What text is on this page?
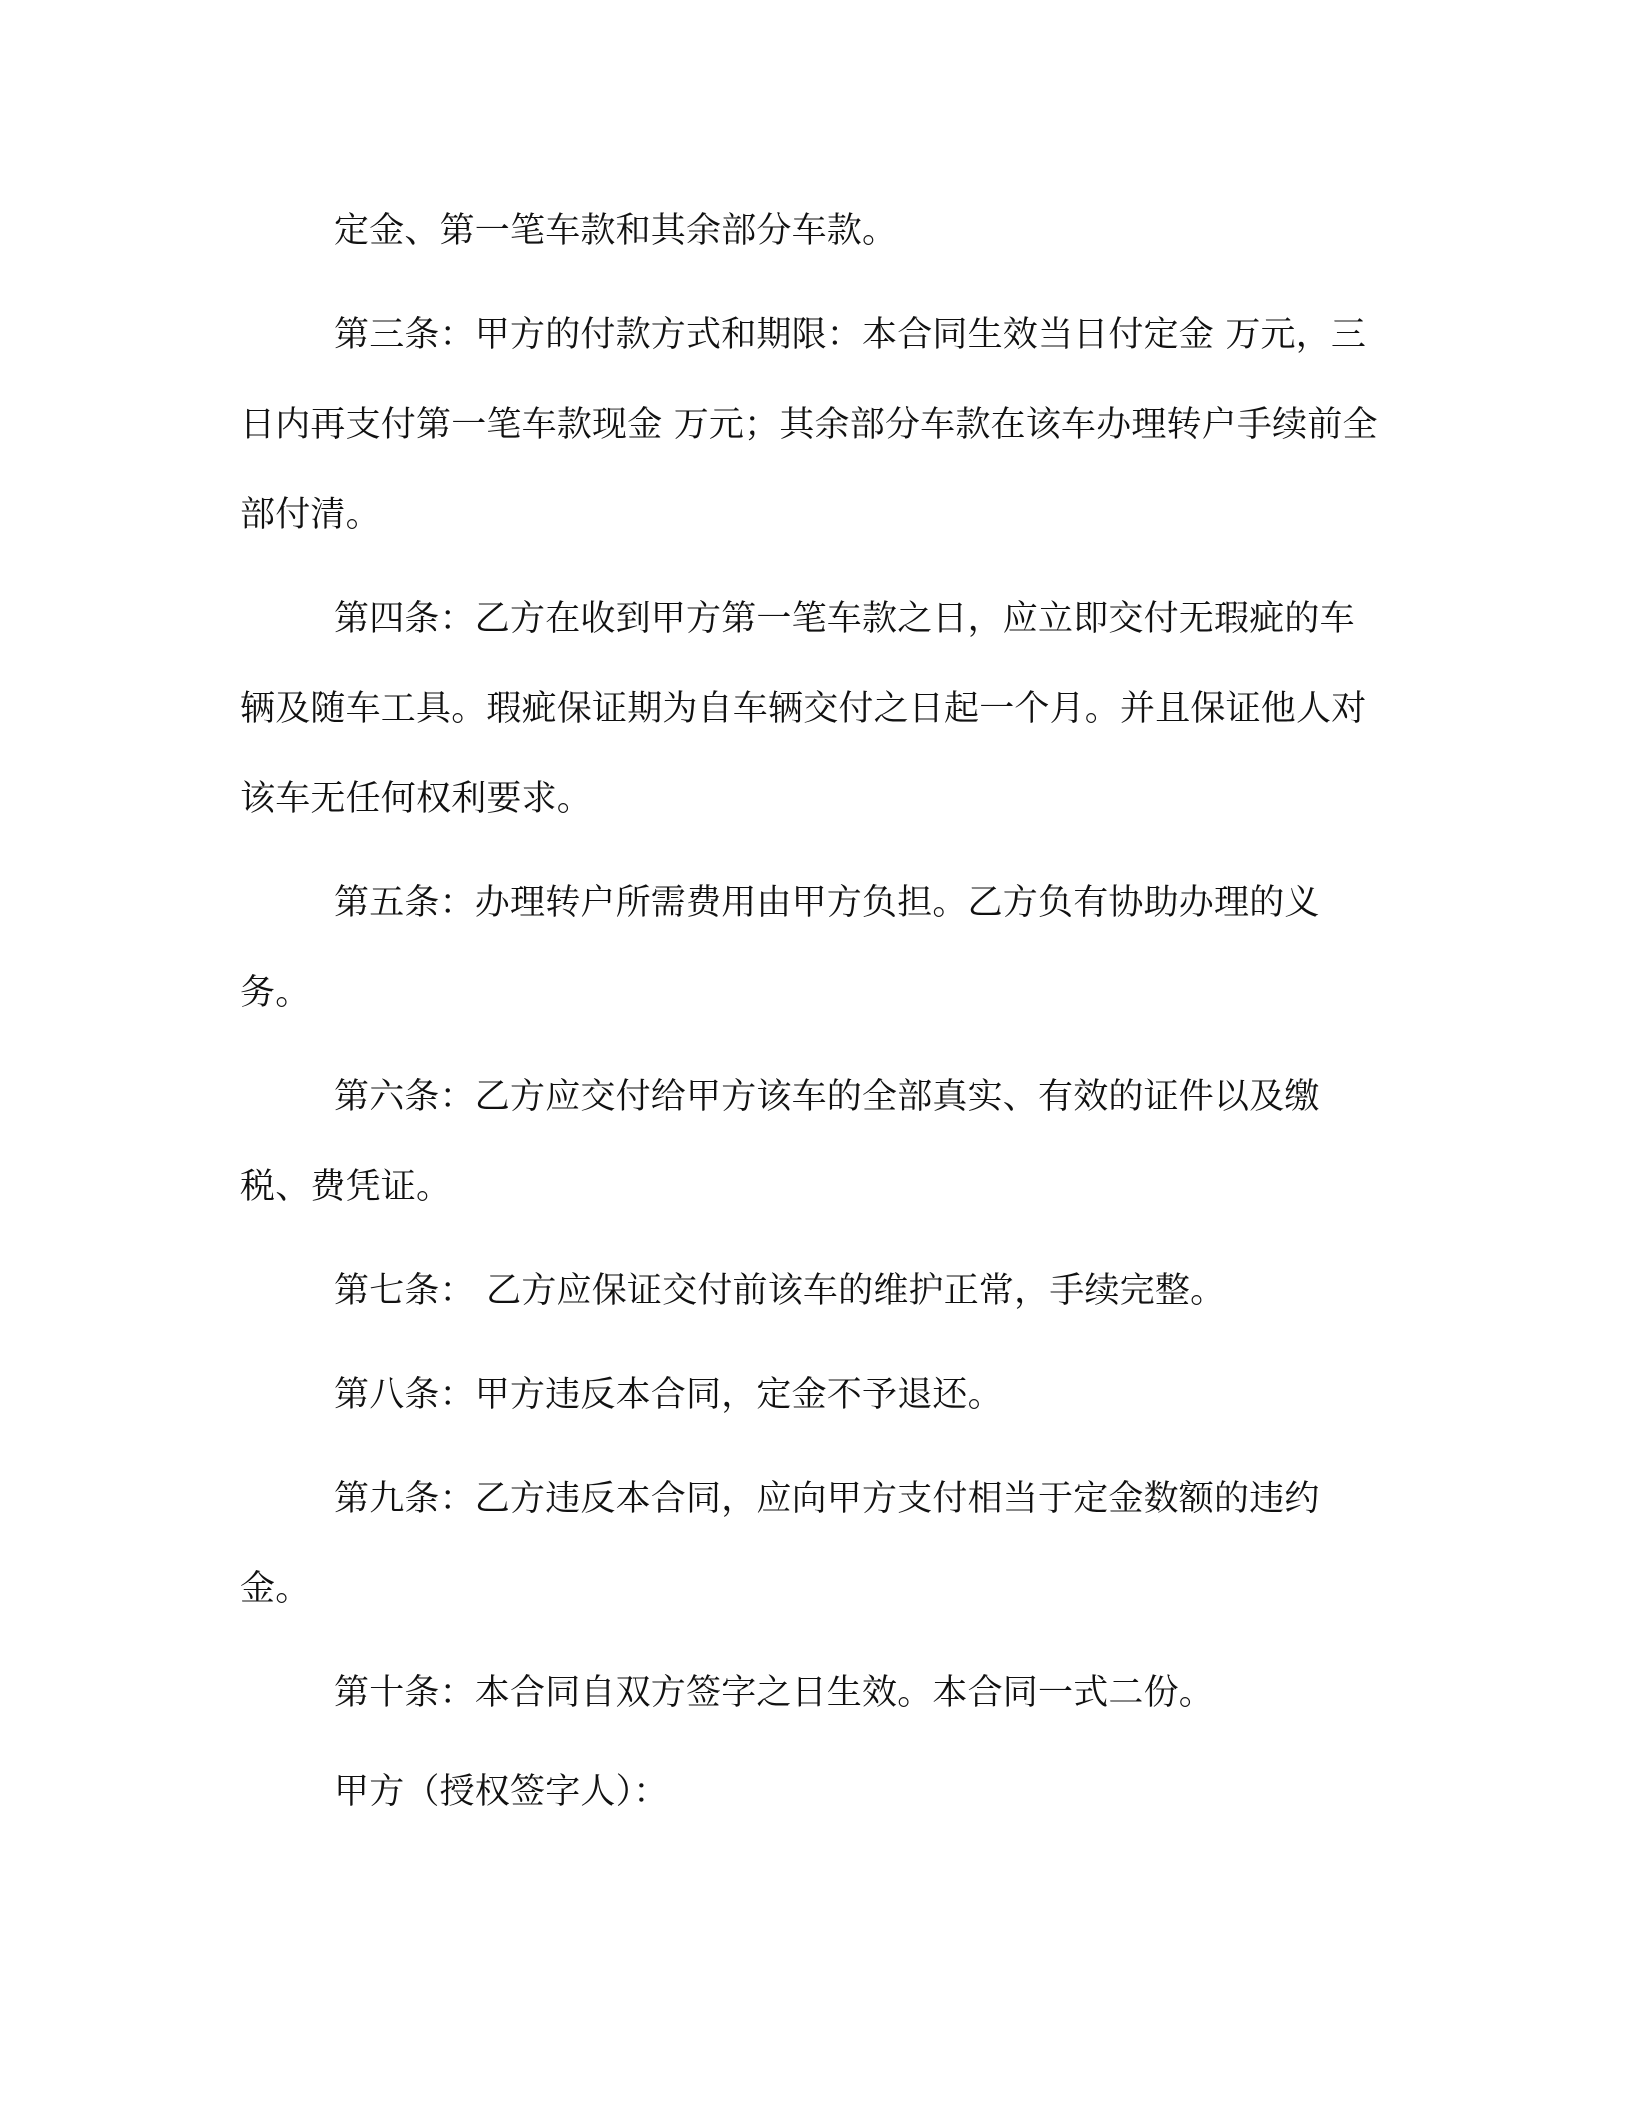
定金、第一笔车款和其余部分车款。

第三条：甲方的付款方式和期限：本合同生效当日付定金 万元，三日内再支付第一笔车款现金 万元；其余部分车款在该车办理转户手续前全部付清。

第四条：乙方在收到甲方第一笔车款之日，应立即交付无瑕疵的车辆及随车工具。瑕疵保证期为自车辆交付之日起一个月。并且保证他人对该车无任何权利要求。

第五条：办理转户所需费用由甲方负担。乙方负有协助办理的义务。

第六条：乙方应交付给甲方该车的全部真实、有效的证件以及缴税、费凭证。

第七条： 乙方应保证交付前该车的维护正常，手续完整。

第八条：甲方违反本合同，定金不予退还。

第九条：乙方违反本合同，应向甲方支付相当于定金数额的违约金。

第十条：本合同自双方签字之日生效。本合同一式二份。

甲方（授权签字人）：
